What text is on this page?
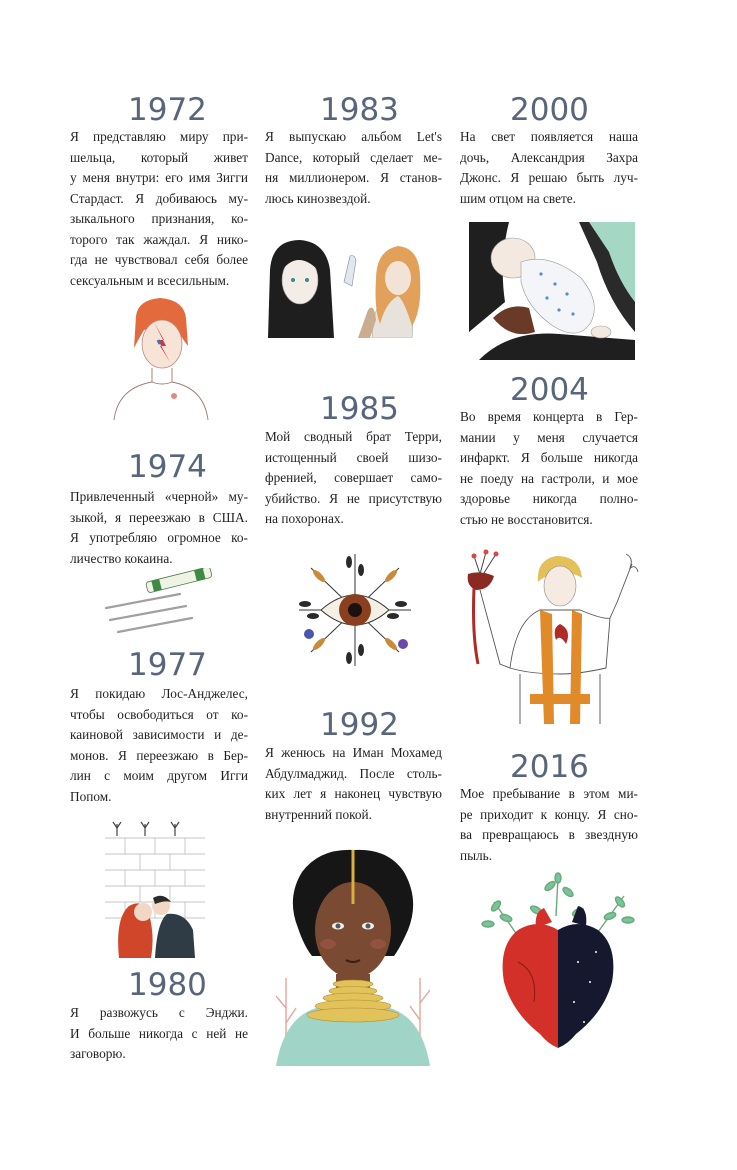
1972
Я представляю миру при-
шельца, который живет
у меня внутри: его имя Зигги
Стардаст. Я добиваюсь му-
зыкального признания, ко-
торого так жаждал. Я нико-
гда не чувствовал себя более
сексуальным и всесильным.
1974
Привлеченный «черной» му-
зыкой, я переезжаю в США.
Я употребляю огромное ко-
личество кокаина.
1977
Я покидаю Лос-Анджелес,
чтобы освободиться от ко-
каиновой зависимости и де-
монов. Я переезжаю в Бер-
лин с моим другом Игги
Попом.
1980
Я развожусь с Энджи.
И больше никогда с ней не
заговорю.
1983
Я выпускаю альбом Let's
Dance, который сделает ме-
ня миллионером. Я станов-
люсь кинозвездой.
1985
Мой сводный брат Терри,
истощенный своей шизо-
френией, совершает само-
убийство. Я не присутствую
на похоронах.
1992
Я женюсь на Иман Мохамед
Абдулмаджид. После столь-
ких лет я наконец чувствую
внутренний покой.
2000
На свет появляется наша
дочь, Александрия Захра
Джонс. Я решаю быть луч-
шим отцом на свете.
2004
Во время концерта в Гер-
мании у меня случается
инфаркт. Я больше никогда
не поеду на гастроли, и мое
здоровье никогда полно-
стью не восстановится.
2016
Мое пребывание в этом ми-
ре приходит к концу. Я сно-
ва превращаюсь в звездную
пыль.
